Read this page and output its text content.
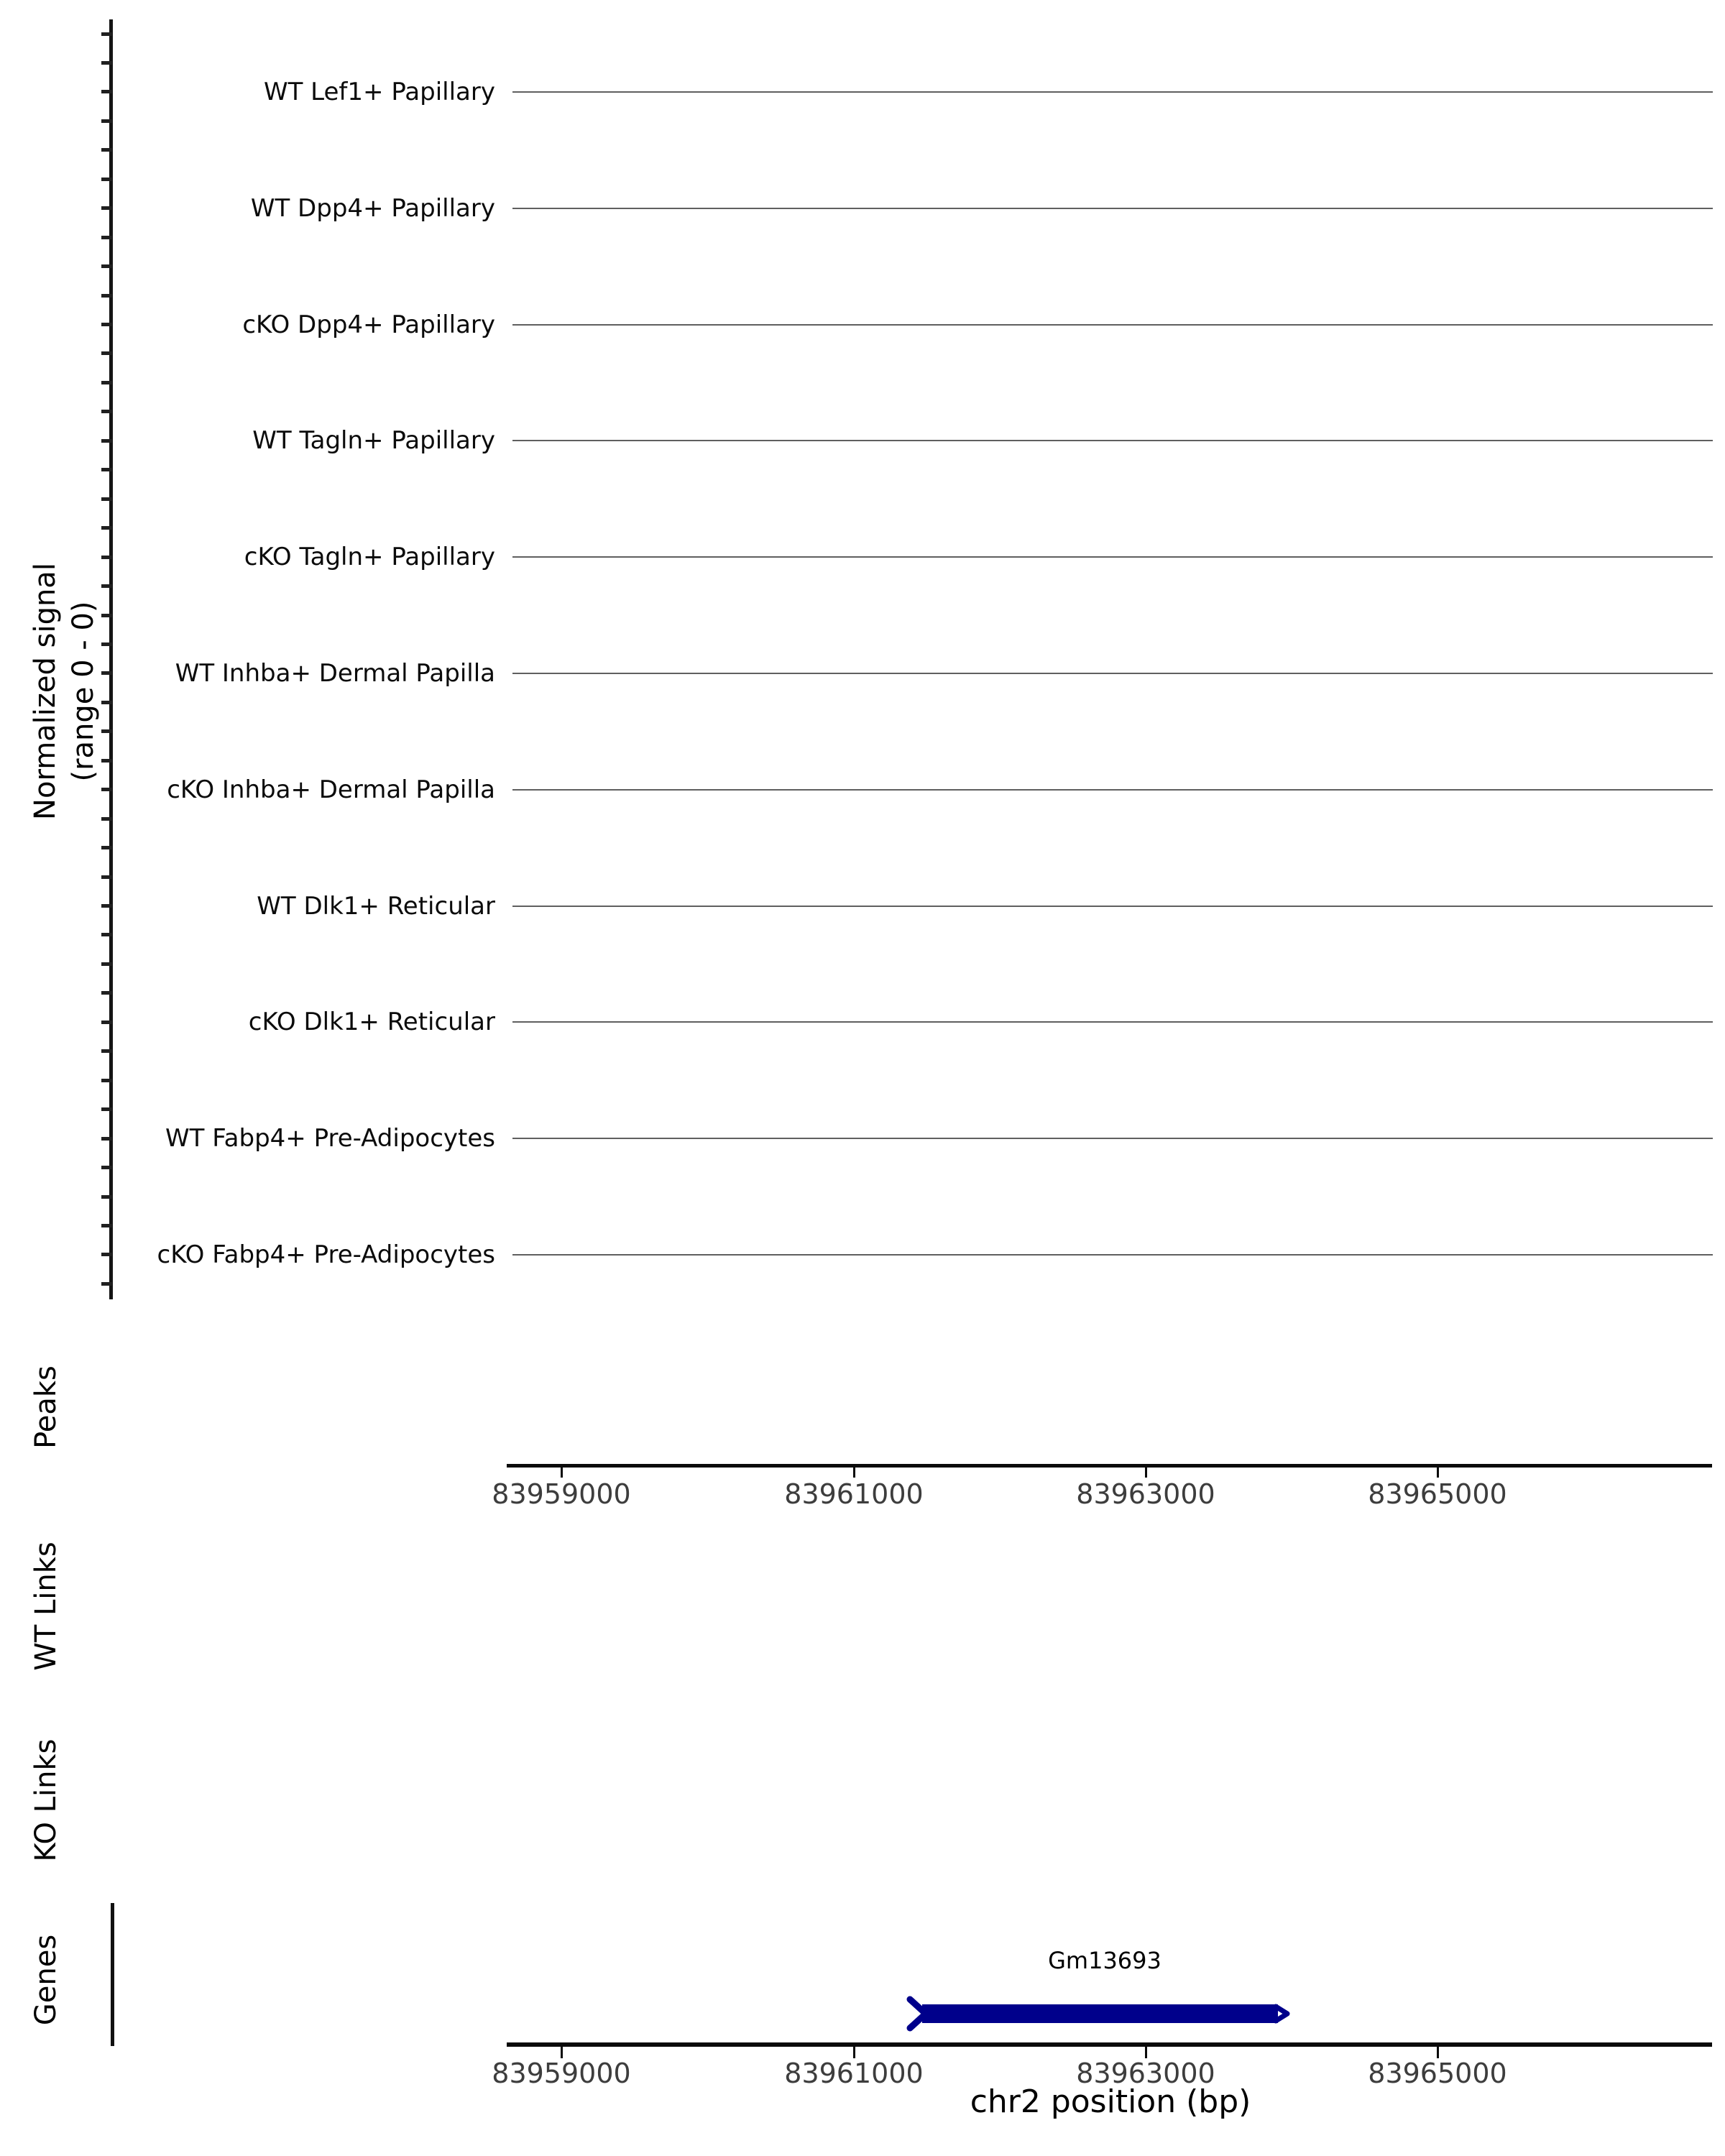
Normalized signal (range 0 - 0)
WT Lef1+ Papillary
WT Dpp4+ Papillary
cKO Dpp4+ Papillary
WT Tagln+ Papillary
cKO Tagln+ Papillary
WT Inhba+ Dermal Papilla
cKO Inhba+ Dermal Papilla
WT Dlk1+ Reticular
cKO Dlk1+ Reticular
WT Fabp4+ Pre-Adipocytes
cKO Fabp4+ Pre-Adipocytes
Peaks
WT Links
KO Links
Genes
83959000	83961000	83963000	83965000
Gm13693
83959000	83961000	83963000	83965000
chr2 position (bp)
